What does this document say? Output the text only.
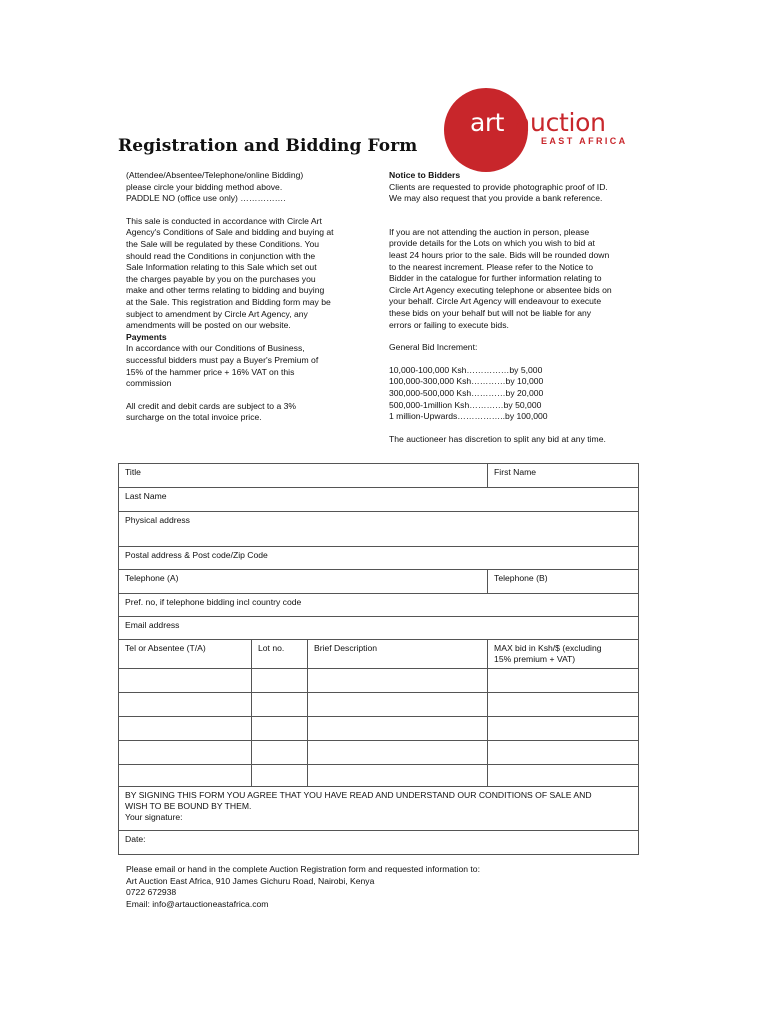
art auction
EAST AFRICA
Registration and Bidding Form

(Attendee/Absentee/Telephone/online Bidding)

please circle your bidding method above.

PADDLE NO (office use only) …………….

This sale is conducted in accordance with Circle Art

Agency's Conditions of Sale and bidding and buying at

the Sale will be regulated by these Conditions. You

should read the Conditions in conjunction with the

Sale Information relating to this Sale which set out

the charges payable by you on the purchases you

make and other terms relating to bidding and buying

at the Sale. This registration and Bidding form may be

subject to amendment by Circle Art Agency, any

amendments will be posted on our website.

Payments

In accordance with our Conditions of Business,

successful bidders must pay a Buyer's Premium of

15% of the hammer price + 16% VAT on this

commission

All credit and debit cards are subject to a 3%

surcharge on the total invoice price.

Notice to Bidders

Clients are requested to provide photographic proof of ID.

We may also request that you provide a bank reference.

If you are not attending the auction in person, please

provide details for the Lots on which you wish to bid at

least 24 hours prior to the sale. Bids will be rounded down

to the nearest increment. Please refer to the Notice to

Bidder in the catalogue for further information relating to

Circle Art Agency executing telephone or absentee bids on

your behalf. Circle Art Agency will endeavour to execute

these bids on your behalf but will not be liable for any

errors or failing to execute bids.

General Bid Increment:

10,000-100,000 Ksh……………by 5,000

100,000-300,000 Ksh…………by 10,000

300,000-500,000 Ksh…………by 20,000

500,000-1million Ksh…………by 50,000

1 million-Upwards……………..by 100,000

The auctioneer has discretion to split any bid at any time.

Title			First Name
Last Name			
Physical address			
Postal address & Post code/Zip Code			
Telephone (A)			Telephone (B)
Pref. no, if telephone bidding incl country code			
Email address			
Tel or Absentee (T/A)	Lot no.	Brief Description	MAX bid in Ksh/$ (excluding
15% premium + VAT)

BY SIGNING THIS FORM YOU AGREE THAT YOU HAVE READ AND UNDERSTAND OUR CONDITIONS OF SALE AND
WISH TO BE BOUND BY THEM.
Your signature:			

Date:			

Please email or hand in the complete Auction Registration form and requested information to:

Art Auction East Africa, 910 James Gichuru Road, Nairobi, Kenya

0722 672938

Email: info@artauctioneastafrica.com
